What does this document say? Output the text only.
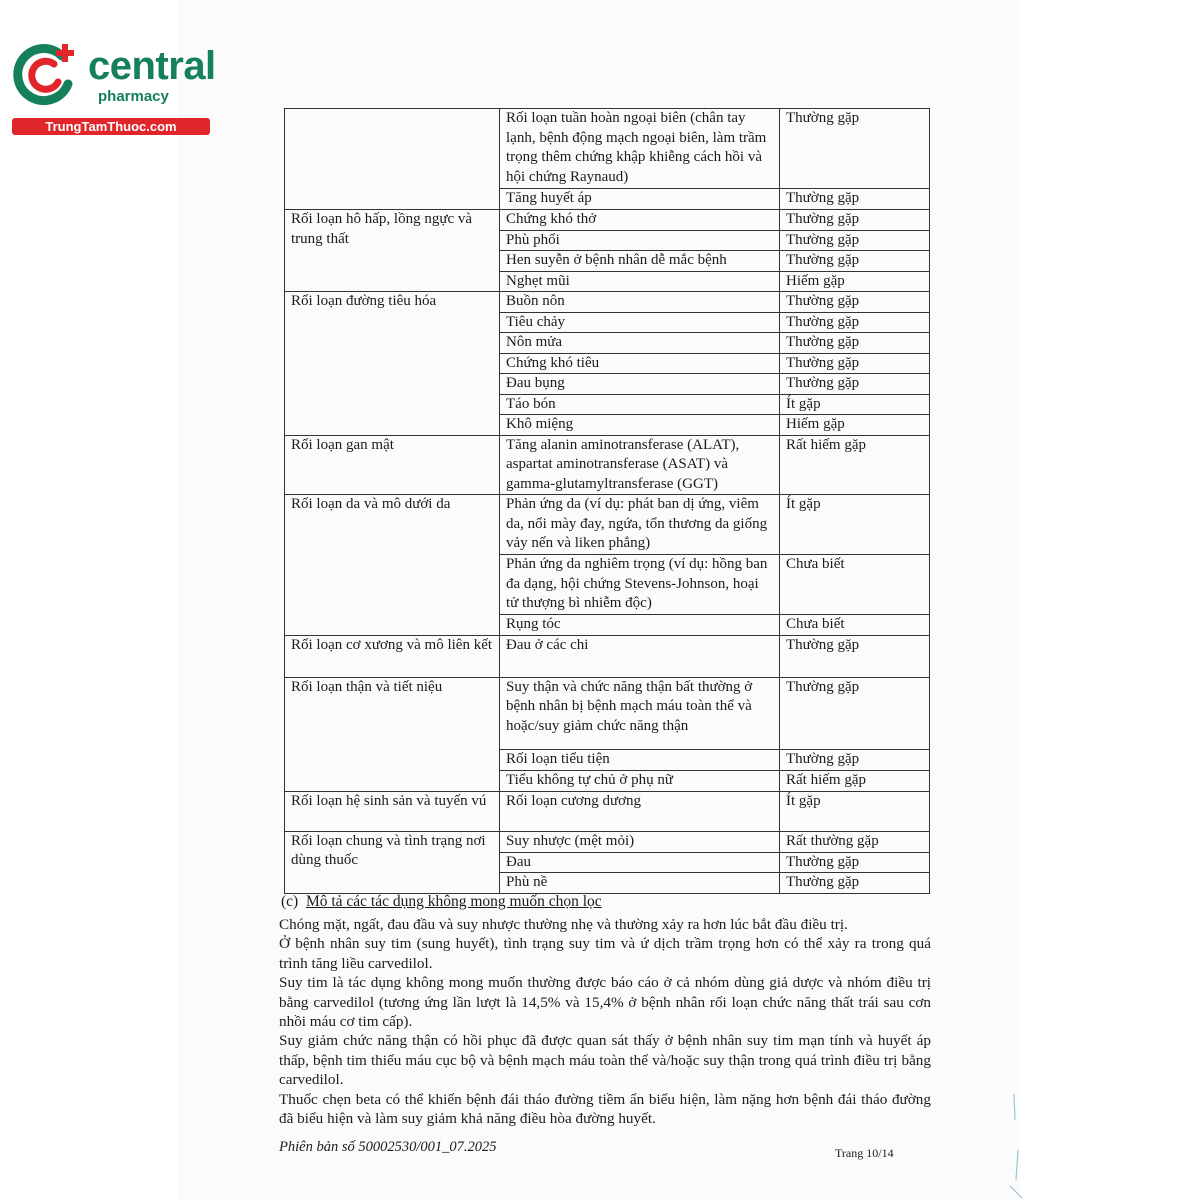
central
pharmacy
TrungTamThuoc.com
	Rối loạn tuần hoàn ngoại biên (chân tay lạnh, bệnh động mạch ngoại biên, làm trầm trọng thêm chứng khập khiễng cách hồi và hội chứng Raynaud)	Thường gặp
	Tăng huyết áp	Thường gặp
Rối loạn hô hấp, lồng ngực và trung thất	Chứng khó thở	Thường gặp
	Phù phổi	Thường gặp
	Hen suyễn ở bệnh nhân dễ mắc bệnh	Thường gặp
	Nghẹt mũi	Hiếm gặp
Rối loạn đường tiêu hóa	Buồn nôn	Thường gặp
	Tiêu chảy	Thường gặp
	Nôn mửa	Thường gặp
	Chứng khó tiêu	Thường gặp
	Đau bụng	Thường gặp
	Táo bón	Ít gặp
	Khô miệng	Hiếm gặp
Rối loạn gan mật	Tăng alanin aminotransferase (ALAT), aspartat aminotransferase (ASAT) và gamma-glutamyltransferase (GGT)	Rất hiếm gặp
Rối loạn da và mô dưới da	Phản ứng da (ví dụ: phát ban dị ứng, viêm da, nổi mày đay, ngứa, tổn thương da giống vảy nến và liken phẳng)	Ít gặp
	Phản ứng da nghiêm trọng (ví dụ: hồng ban đa dạng, hội chứng Stevens-Johnson, hoại tử thượng bì nhiễm độc)	Chưa biết
	Rụng tóc	Chưa biết
Rối loạn cơ xương và mô liên kết	Đau ở các chi	Thường gặp
Rối loạn thận và tiết niệu	Suy thận và chức năng thận bất thường ở bệnh nhân bị bệnh mạch máu toàn thể và hoặc/suy giảm chức năng thận	Thường gặp
	Rối loạn tiểu tiện	Thường gặp
	Tiểu không tự chủ ở phụ nữ	Rất hiếm gặp
Rối loạn hệ sinh sản và tuyến vú	Rối loạn cương dương	Ít gặp
Rối loạn chung và tình trạng nơi dùng thuốc	Suy nhược (mệt mỏi)	Rất thường gặp
	Đau	Thường gặp
	Phù nề	Thường gặp
(c) Mô tả các tác dụng không mong muốn chọn lọc

Chóng mặt, ngất, đau đầu và suy nhược thường nhẹ và thường xảy ra hơn lúc bắt đầu điều trị.

Ở bệnh nhân suy tim (sung huyết), tình trạng suy tim và ứ dịch trầm trọng hơn có thể xảy ra trong quá trình tăng liều carvedilol.

Suy tim là tác dụng không mong muốn thường được báo cáo ở cả nhóm dùng giả dược và nhóm điều trị bằng carvedilol (tương ứng lần lượt là 14,5% và 15,4% ở bệnh nhân rối loạn chức năng thất trái sau cơn nhồi máu cơ tim cấp).

Suy giảm chức năng thận có hồi phục đã được quan sát thấy ở bệnh nhân suy tim mạn tính và huyết áp thấp, bệnh tim thiếu máu cục bộ và bệnh mạch máu toàn thể và/hoặc suy thận trong quá trình điều trị bằng carvedilol.

Thuốc chẹn beta có thể khiến bệnh đái tháo đường tiềm ẩn biểu hiện, làm nặng hơn bệnh đái tháo đường đã biểu hiện và làm suy giảm khả năng điều hòa đường huyết.

Phiên bản số 50002530/001_07.2025	Trang 10/14
